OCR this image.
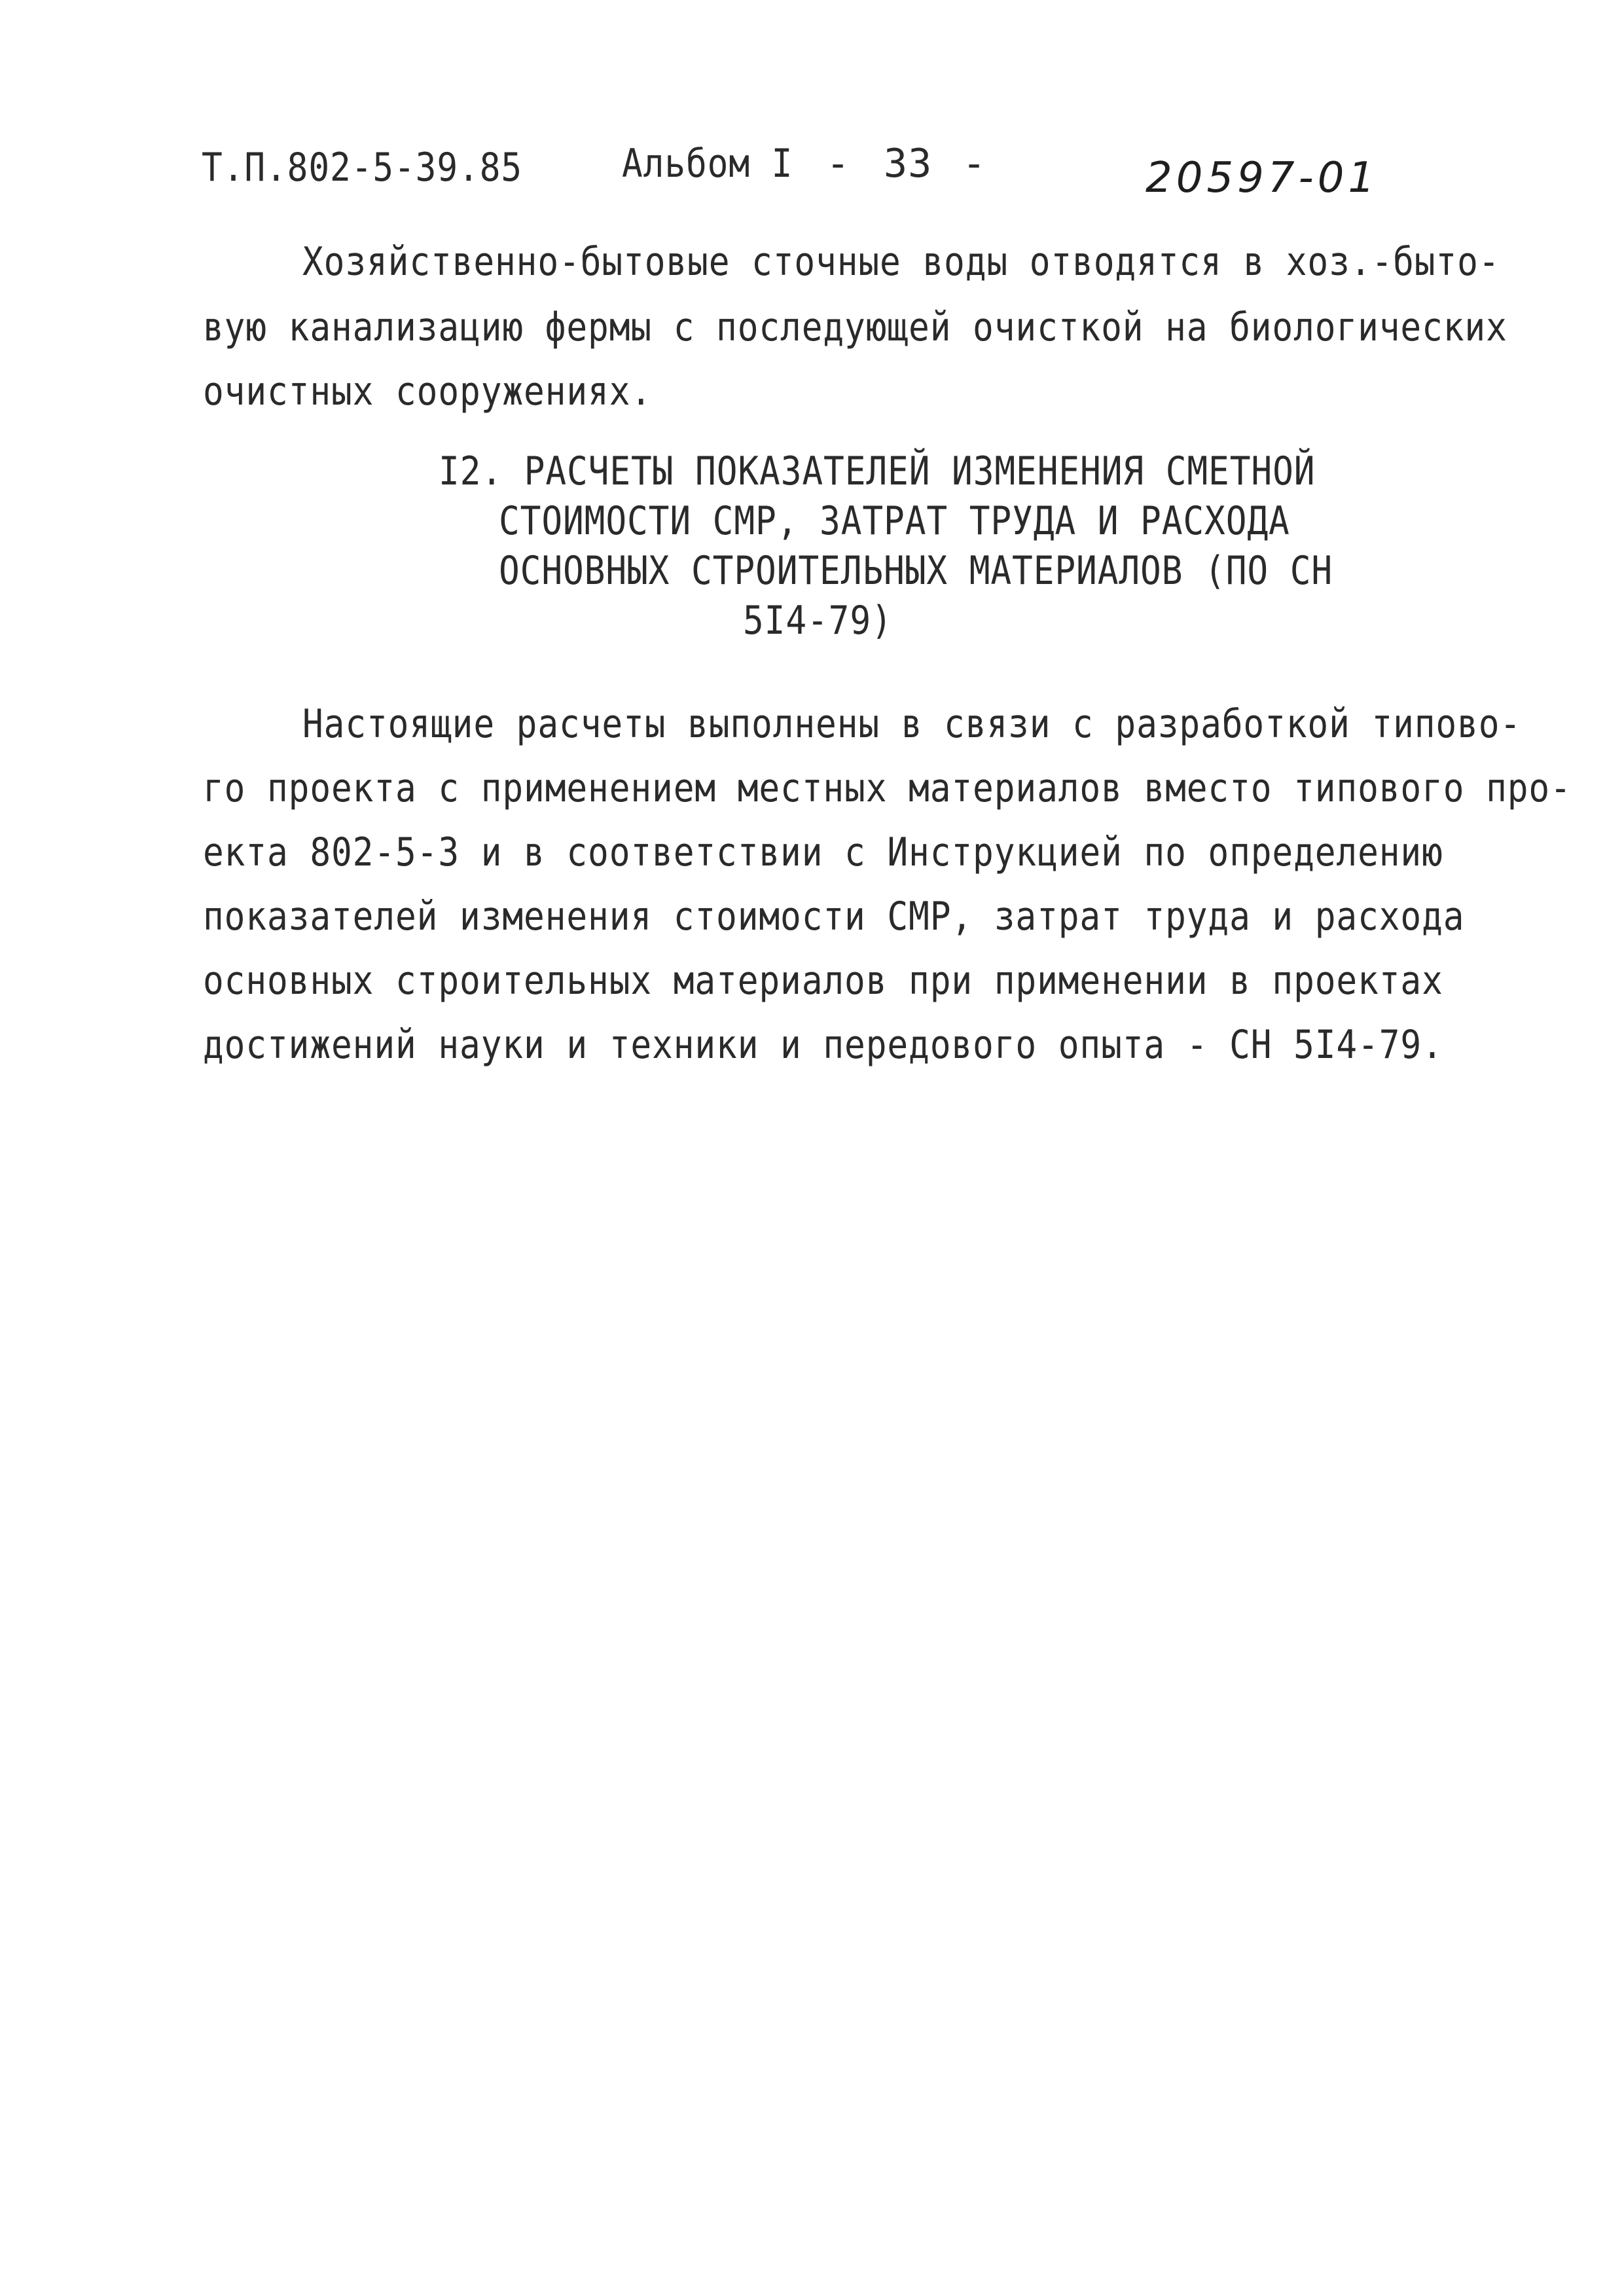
Т.П.802-5-39.85	Альбом I - 33 -	20597-01
Хозяйственно-бытовые сточные воды отводятся в хоз.-быто-
вую канализацию фермы с последующей очисткой на биологических
очистных сооружениях.
I2. РАСЧЕТЫ ПОКАЗАТЕЛЕЙ ИЗМЕНЕНИЯ СМЕТНОЙ
СТОИМОСТИ СМР, ЗАТРАТ ТРУДА И РАСХОДА
ОСНОВНЫХ СТРОИТЕЛЬНЫХ МАТЕРИАЛОВ (ПО СН
5I4-79)
Настоящие расчеты выполнены в связи с разработкой типово-
го проекта с применением местных материалов вместо типового про-
екта 802-5-3 и в соответствии с Инструкцией по определению
показателей изменения стоимости СМР, затрат труда и расхода
основных строительных материалов при применении в проектах
достижений науки и техники и передового опыта - СН 5I4-79.
